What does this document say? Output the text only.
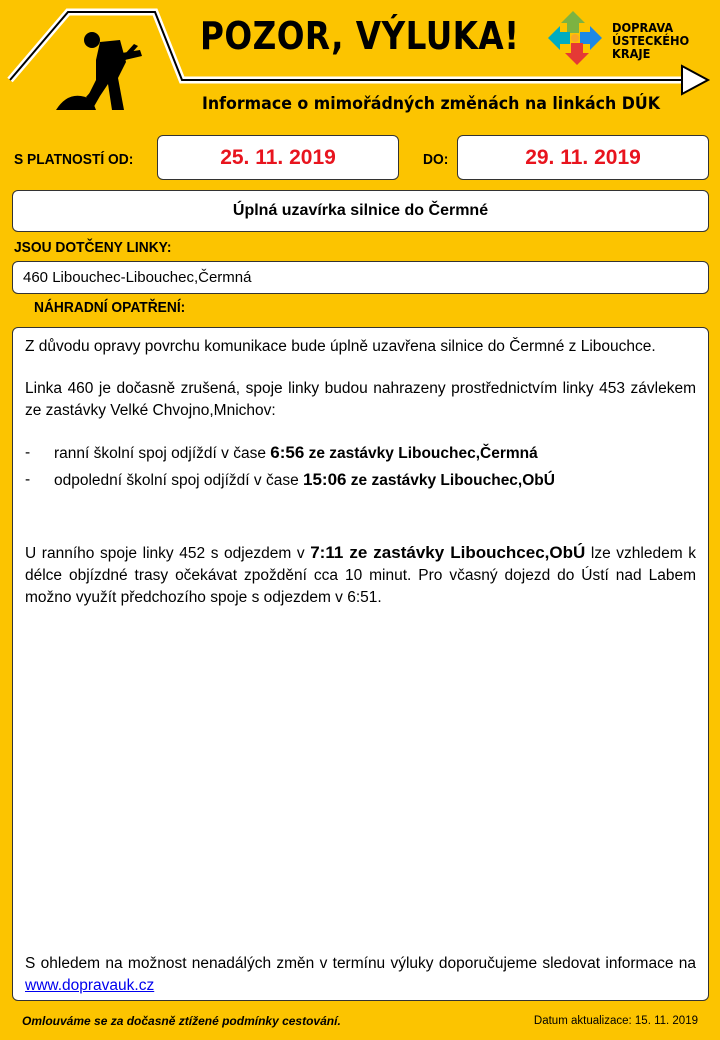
POZOR, VÝLUKA!
Informace o mimořádných změnách na linkách DÚK
DOPRAVA
ÚSTECKÉHO
KRAJE
S PLATNOSTÍ OD:	25. 11. 2019	DO:	29. 11. 2019
Úplná uzavírka silnice do Čermné
JSOU DOTČENY LINKY:
460 Libouchec-Libouchec,Čermná
NÁHRADNÍ OPATŘENÍ:

Z důvodu opravy povrchu komunikace bude úplně uzavřena silnice do Čermné z Libouchce.

Linka 460 je dočasně zrušená, spoje linky budou nahrazeny prostřednictvím linky 453 závlekem ze zastávky Velké Chvojno,Mnichov:

- ranní školní spoj odjíždí v čase 6:56 ze zastávky Libouchec,Čermná
- odpolední školní spoj odjíždí v čase 15:06 ze zastávky Libouchec,ObÚ

U ranního spoje linky 452 s odjezdem v 7:11 ze zastávky Libouchcec,ObÚ lze vzhledem k délce objízdné trasy očekávat zpoždění cca 10 minut. Pro včasný dojezd do Ústí nad Labem možno využít předchozího spoje s odjezdem v 6:51.

S ohledem na možnost nenadálých změn v termínu výluky doporučujeme sledovat informace na www.dopravauk.cz
Omlouváme se za dočasně ztížené podmínky cestování.	Datum aktualizace: 15. 11. 2019
